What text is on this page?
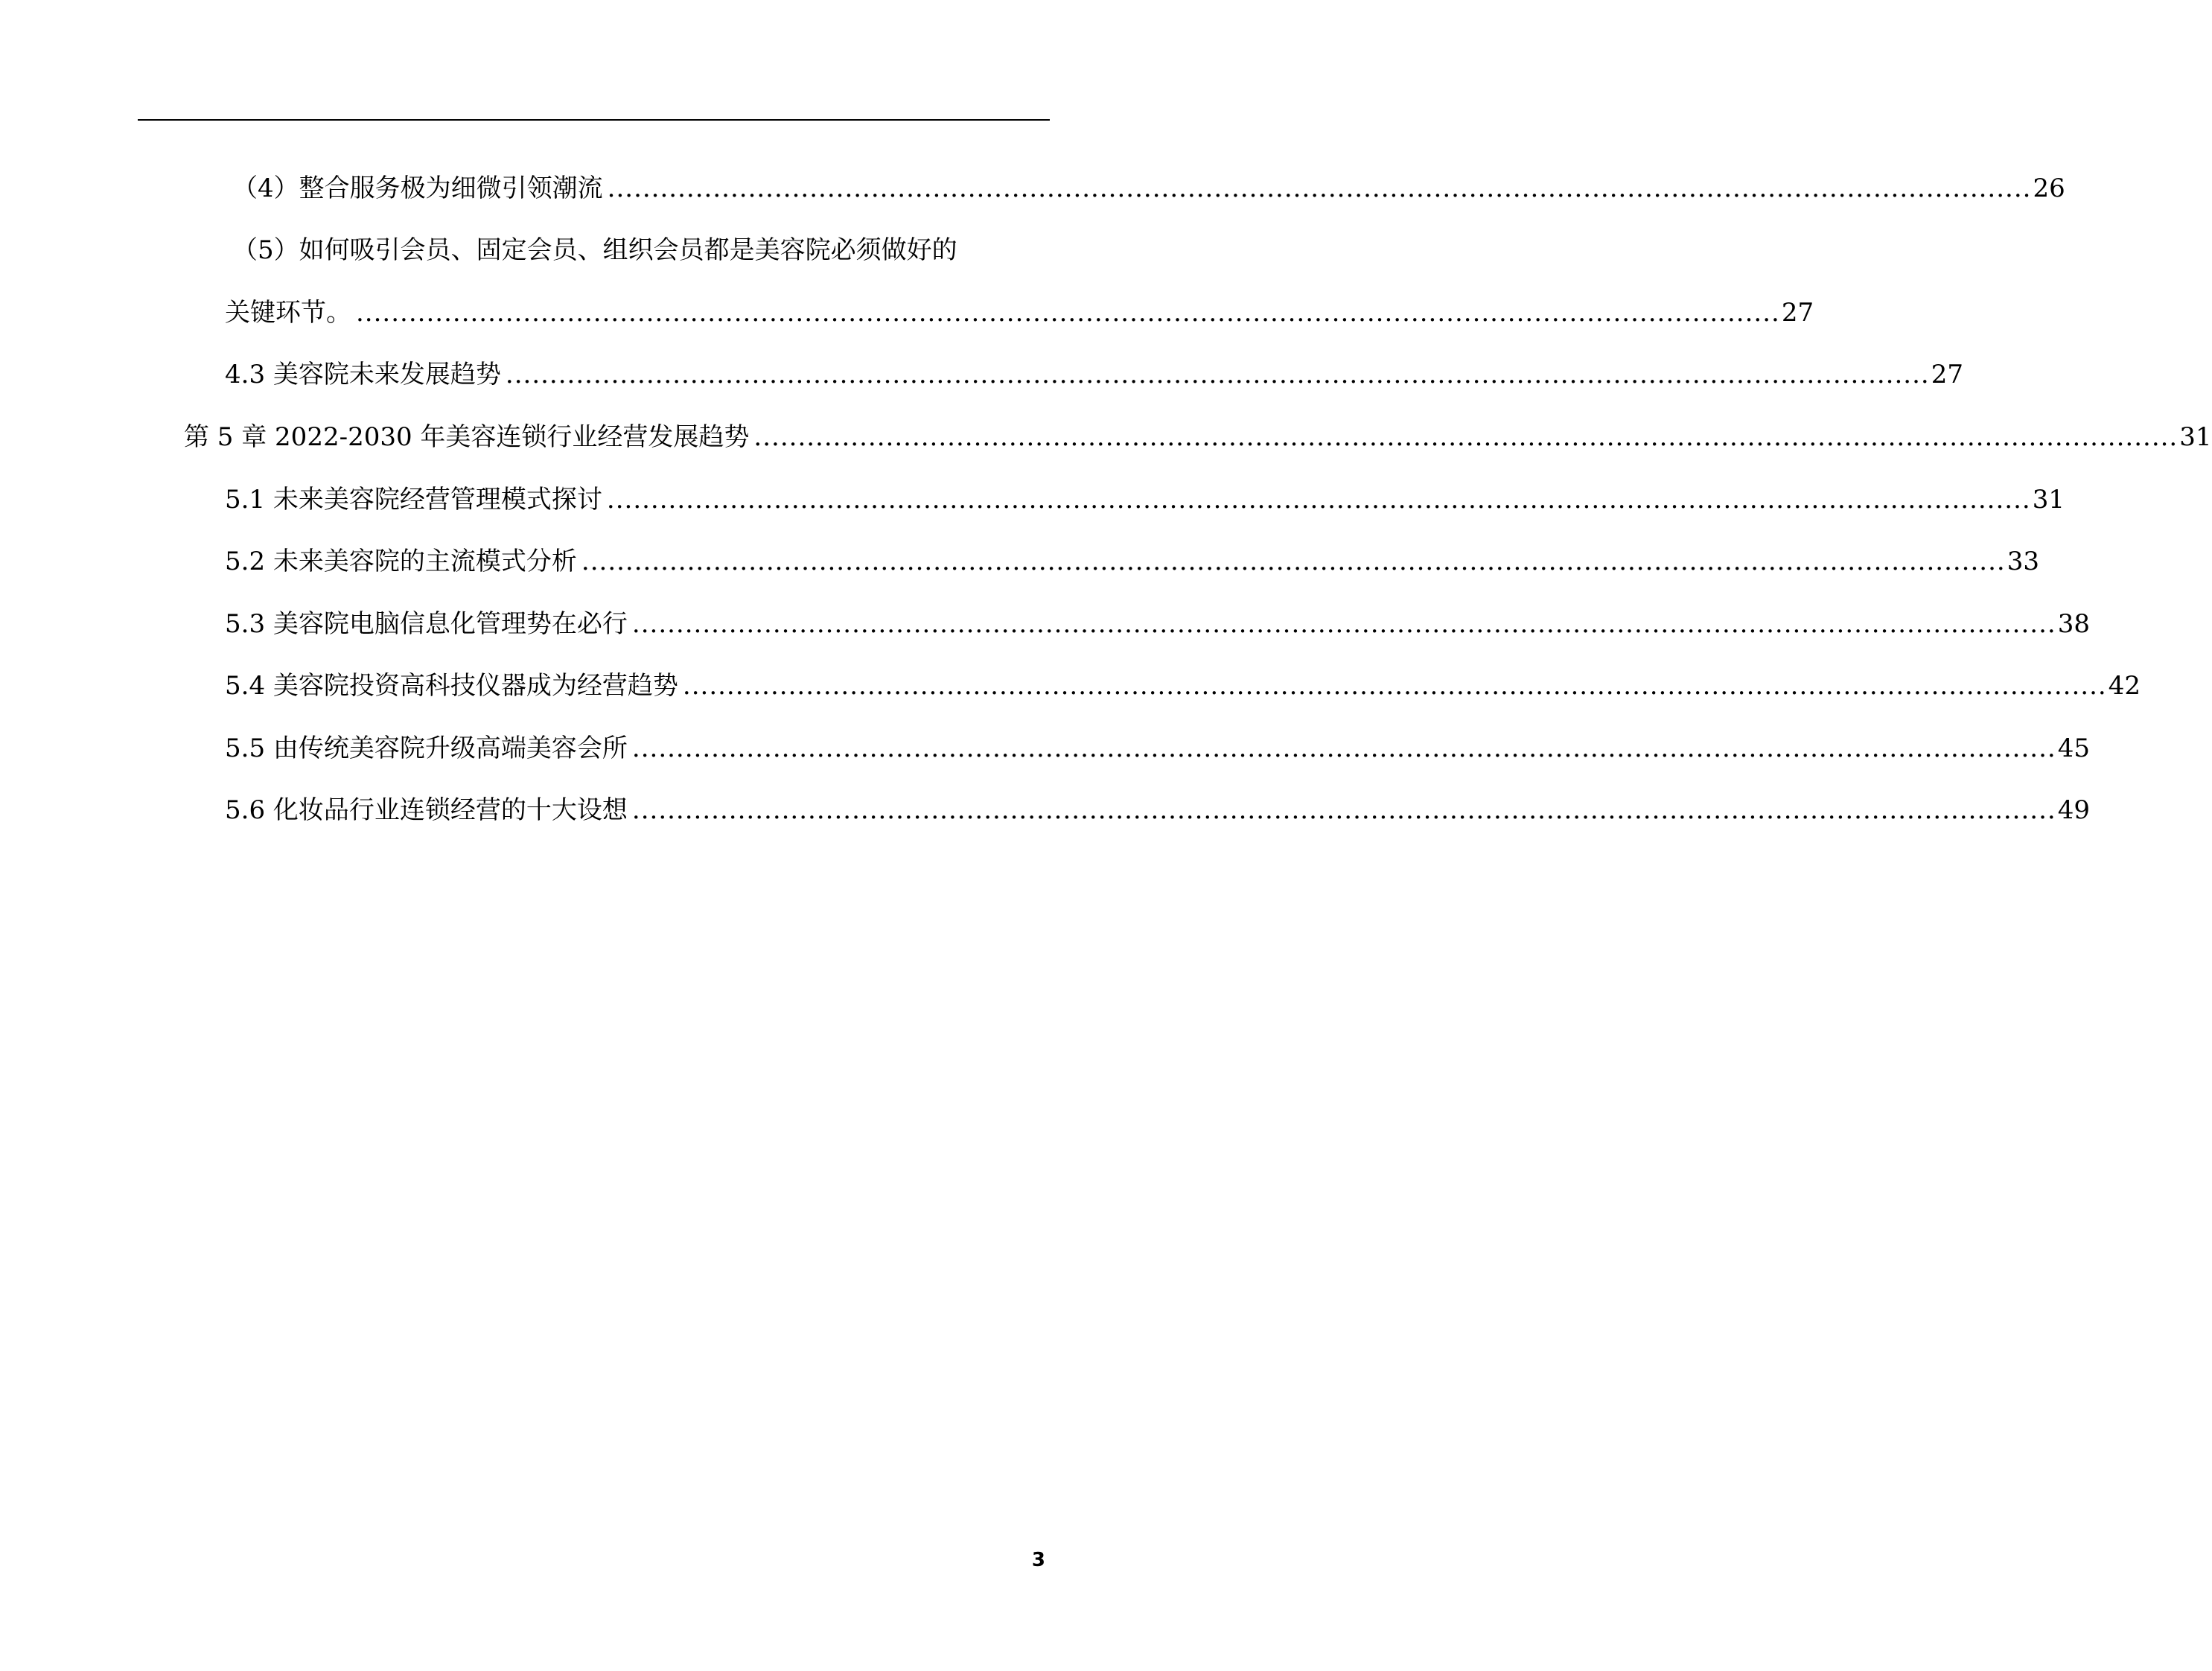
（4）整合服务极为细微引领潮流 .................................................................................................................................................................. 26
（5）如何吸引会员、固定会员、组织会员都是美容院必须做好的
关键环节。 .................................................................................................................................................................. 27
4.3 美容院未来发展趋势 .................................................................................................................................................................. 27
第 5 章 2022-2030 年美容连锁行业经营发展趋势 .................................................................................................................................................................. 31
5.1 未来美容院经营管理模式探讨 .................................................................................................................................................................. 31
5.2 未来美容院的主流模式分析 .................................................................................................................................................................. 33
5.3 美容院电脑信息化管理势在必行 .................................................................................................................................................................. 38
5.4 美容院投资高科技仪器成为经营趋势 .................................................................................................................................................................. 42
5.5 由传统美容院升级高端美容会所 .................................................................................................................................................................. 45
5.6 化妆品行业连锁经营的十大设想 .................................................................................................................................................................. 49
3
